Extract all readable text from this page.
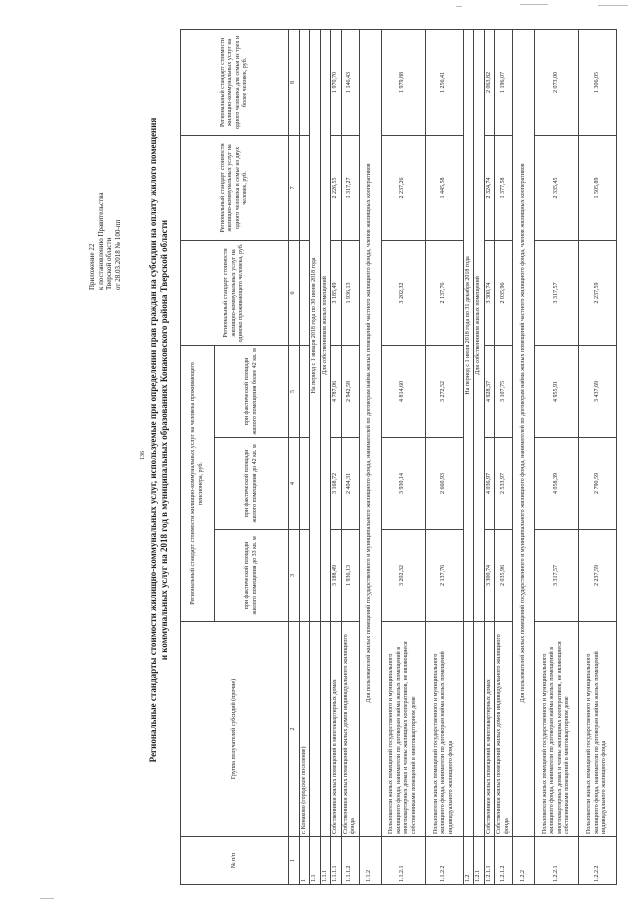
136
Приложение 22 к постановлению Правительства Тверской области от 28.03.2018 № 100-пп	Региональные стандарты стоимости жилищно-коммунальных услуг, используемые при определении прав граждан на субсидии на оплату жилого помещения и коммунальных услуг на 2018 год в муниципальных образованиях Конаковского района Тверской области
№ п/п	Группа получателей субсидий (прочие)	Региональный стандарт стоимости жилищно-коммунальных услуг на человека проживающего пенсионера, руб.			Региональный стандарт стоимости жилищно-коммунальных услуг на одиноко проживающего человека, руб.	Региональный стандарт стоимости жилищно-коммунальных услуг на одного человека в семье из двух человек, руб.	Региональный стандарт стоимости жилищно-коммунальных услуг на одного человека для семьи из трех и более человек, руб.
		при фактической площади жилого помещения до 33 кв. м	при фактической площади жилого помещения до 42 кв. м	при фактической площади жилого помещения более 42 кв. м			
1	2	3	4	5	6	7	8
1	г. Конаково (городское поселение)						
1.1		На период с 1 января 2018 года по 30 июня 2018 года					
1.1.1		Для собственников жилых помещений					
1.1.1.1	Собственники жилых помещений в многоквартирных домах	3 188,49	3 168,72	4 787,06	3 185,49	2 226,55	1 970,70
1.1.1.2	Собственники жилых помещений жилых домов индивидуального жилищного фонда	1 936,13	2 404,31	2 942,58	1 936,13	1 317,27	1 146,43
1.1.2	Для пользователей жилых помещений государственного и муниципального жилищного фонда, нанимателей по договорам найма жилых помещений частного жилищного фонда, членов жилищных кооперативов						
1.1.2.1	Пользователи жилых помещений государственного и муниципального жилищного фонда, наниматели по договорам найма жилых помещений в многоквартирных домах и члены жилищных кооперативов, не являющиеся собственниками помещений в многоквартирном доме	3 202,32	3 930,14	4 814,60	3 202,32	2 237,26	1 979,88
1.1.2.2	Пользователи жилых помещений государственного и муниципального жилищного фонда, наниматели по договорам найма жилых помещений индивидуального жилищного фонда	2 137,76	2 660,93	3 272,52	2 137,76	1 445,58	1 256,41
1.2		На период с 1 июля 2018 года по 31 декабря 2018 года					
1.2.1		Для собственников жилых помещений					
1.2.1.1	Собственники жилых помещений в многоквартирных домах	3 300,74	4 036,97	4 928,37	3 300,74	2 324,74	2 063,82
1.2.1.2	Собственники жилых помещений жилых домов индивидуального жилищного фонда	2 035,96	2 533,97	3 107,75	2 035,96	1 377,58	1 196,07
1.2.2	Для пользователей жилых помещений государственного и муниципального жилищного фонда, нанимателей по договорам найма жилых помещений частного жилищного фонда, членов жилищных кооперативов						
1.2.2.1	Пользователи жилых помещений государственного и муниципального жилищного фонда, наниматели по договорам найма жилых помещений в многоквартирных домах и члены жилищных кооперативов, не являющиеся собственниками помещений в многоквартирном доме	3 317,57	4 058,39	4 955,91	3 317,57	2 335,45	2 073,00
1.2.2.2	Пользователи жилых помещений государственного и муниципального жилищного фонда, наниматели по договорам найма жилых помещений индивидуального жилищного фонда	2 237,59	2 790,59	3 437,69	2 237,59	1 505,89	1 306,05
